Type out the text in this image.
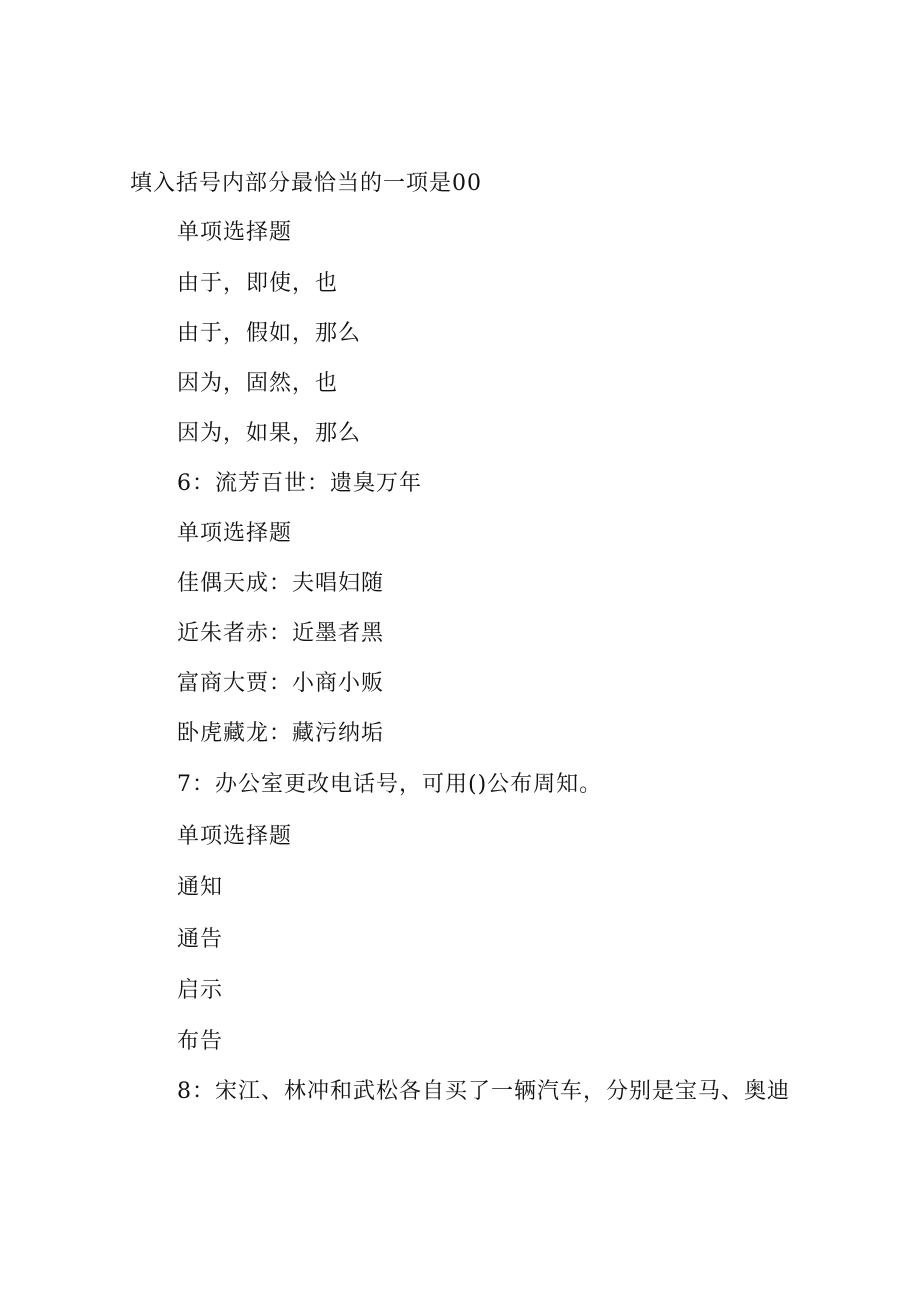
填入括号内部分最恰当的一项是00
单项选择题
由于，即使，也
由于，假如，那么
因为，固然，也
因为，如果，那么
6：流芳百世：遗臭万年
单项选择题
佳偶天成：夫唱妇随
近朱者赤：近墨者黑
富商大贾：小商小贩
卧虎藏龙：藏污纳垢
7：办公室更改电话号，可用()公布周知。
单项选择题
通知
通告
启示
布告
8：宋江、林冲和武松各自买了一辆汽车，分别是宝马、奥迪
